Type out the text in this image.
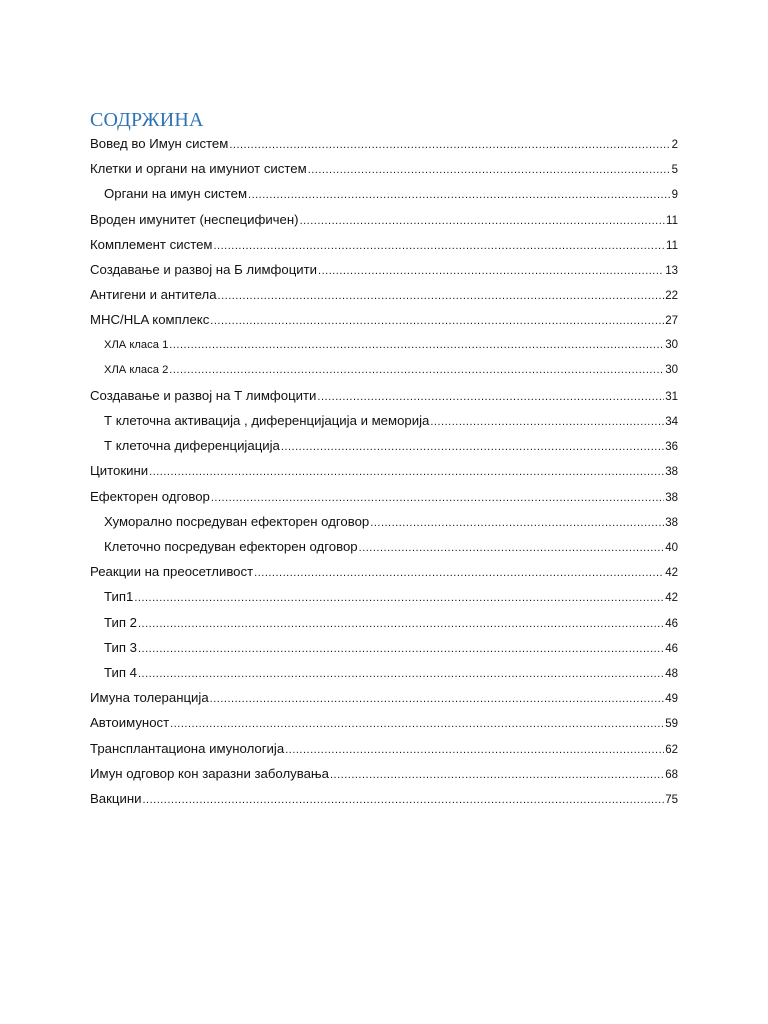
СОДРЖИНА
Вовед во Имун систем .....	2
Клетки и органи на имуниот систем .....	5
Органи на имун систем .....	9
Вроден имунитет (неспецифичен) .....	11
Комплемент систем .....	11
Создавање и развој на Б лимфоцити .....	13
Антигени и антитела .....	22
MHC/HLA комплекс .....	27
ХЛА класа 1 .....	30
ХЛА класа 2 .....	30
Создавање и развој на Т лимфоцити .....	31
Т клеточна активација , диференцијација и меморија .....	34
Т клеточна диференцијација .....	36
Цитокини .....	38
Ефекторен одговор .....	38
Хуморално посредуван ефекторен одговор .....	38
Клеточно посредуван ефекторен одговор .....	40
Реакции на преосетливост .....	42
Тип1 .....	42
Тип 2 .....	46
Тип 3 .....	46
Тип 4 .....	48
Имуна толеранција .....	49
Автоимуност .....	59
Трансплантациона имунологија .....	62
Имун одговор кон заразни заболувања .....	68
Вакцини .....	75
